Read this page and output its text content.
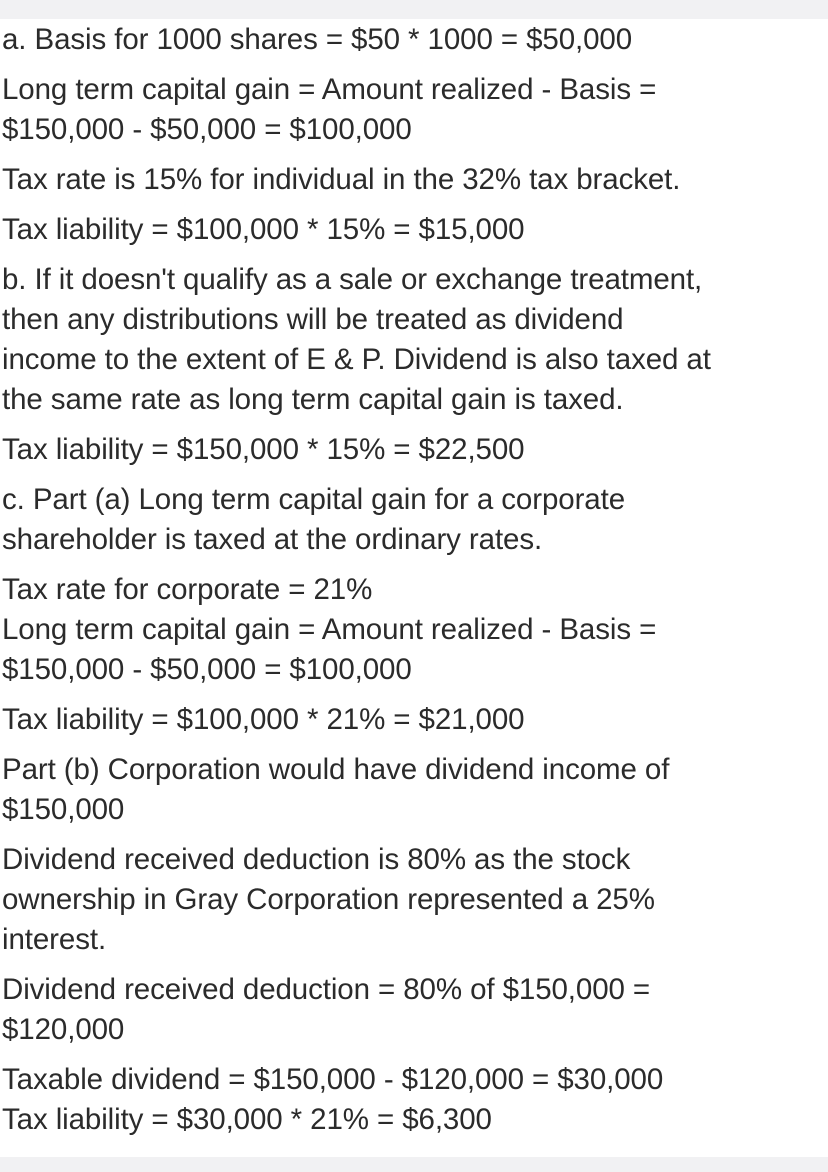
a. Basis for 1000 shares = $50 * 1000 = $50,000

Long term capital gain = Amount realized - Basis =

$150,000 - $50,000 = $100,000

Tax rate is 15% for individual in the 32% tax bracket.

Tax liability = $100,000 * 15% = $15,000

b. If it doesn't qualify as a sale or exchange treatment,

then any distributions will be treated as dividend

income to the extent of E & P. Dividend is also taxed at

the same rate as long term capital gain is taxed.

Tax liability = $150,000 * 15% = $22,500

c. Part (a) Long term capital gain for a corporate

shareholder is taxed at the ordinary rates.

Tax rate for corporate = 21%

Long term capital gain = Amount realized - Basis =

$150,000 - $50,000 = $100,000

Tax liability = $100,000 * 21% = $21,000

Part (b) Corporation would have dividend income of

$150,000

Dividend received deduction is 80% as the stock

ownership in Gray Corporation represented a 25%

interest.

Dividend received deduction = 80% of $150,000 =

$120,000

Taxable dividend = $150,000 - $120,000 = $30,000

Tax liability = $30,000 * 21% = $6,300
